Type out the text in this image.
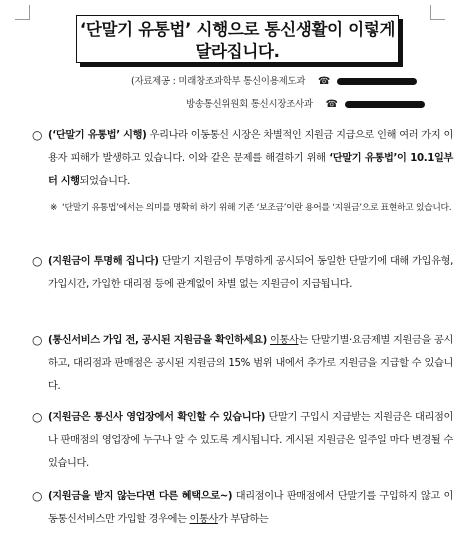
‘단말기 유통법’ 시행으로 통신생활이 이렇게
달라집니다.
(자료제공 : 미래창조과학부 통신이용제도과 ☎
방송통신위원회 통신시장조사과 ☎
○ (‘단말기 유통법’ 시행) 우리나라 이동통신 시장은 차별적인 지원금 지급으로 인해 여러 가지 이용자 피해가 발생하고 있습니다. 이와 같은 문제를 해결하기 위해 ‘단말기 유통법’이 10.1일부터 시행되었습니다.
※ ‘단말기 유통법’에서는 의미를 명확히 하기 위해 기존 ‘보조금’이란 용어를 ‘지원금’으로 표현하고 있습니다.
○ (지원금이 투명해 집니다) 단말기 지원금이 투명하게 공시되어 동일한 단말기에 대해 가입유형, 가입시간, 가입한 대리점 등에 관계없이 차별 없는 지원금이 지급됩니다.
○ (통신서비스 가입 전, 공시된 지원금을 확인하세요) 이통사는 단말기별·요금제별 지원금을 공시하고, 대리점과 판매점은 공시된 지원금의 15% 범위 내에서 추가로 지원금을 지급할 수 있습니다.
○ (지원금은 통신사 영업장에서 확인할 수 있습니다) 단말기 구입시 지급받는 지원금은 대리점이나 판매점의 영업장에 누구나 알 수 있도록 게시됩니다. 게시된 지원금은 일주일 마다 변경될 수 있습니다.
○ (지원금을 받지 않는다면 다른 혜택으로~) 대리점이나 판매점에서 단말기를 구입하지 않고 이동통신서비스만 가입할 경우에는 이통사가 부담하는
